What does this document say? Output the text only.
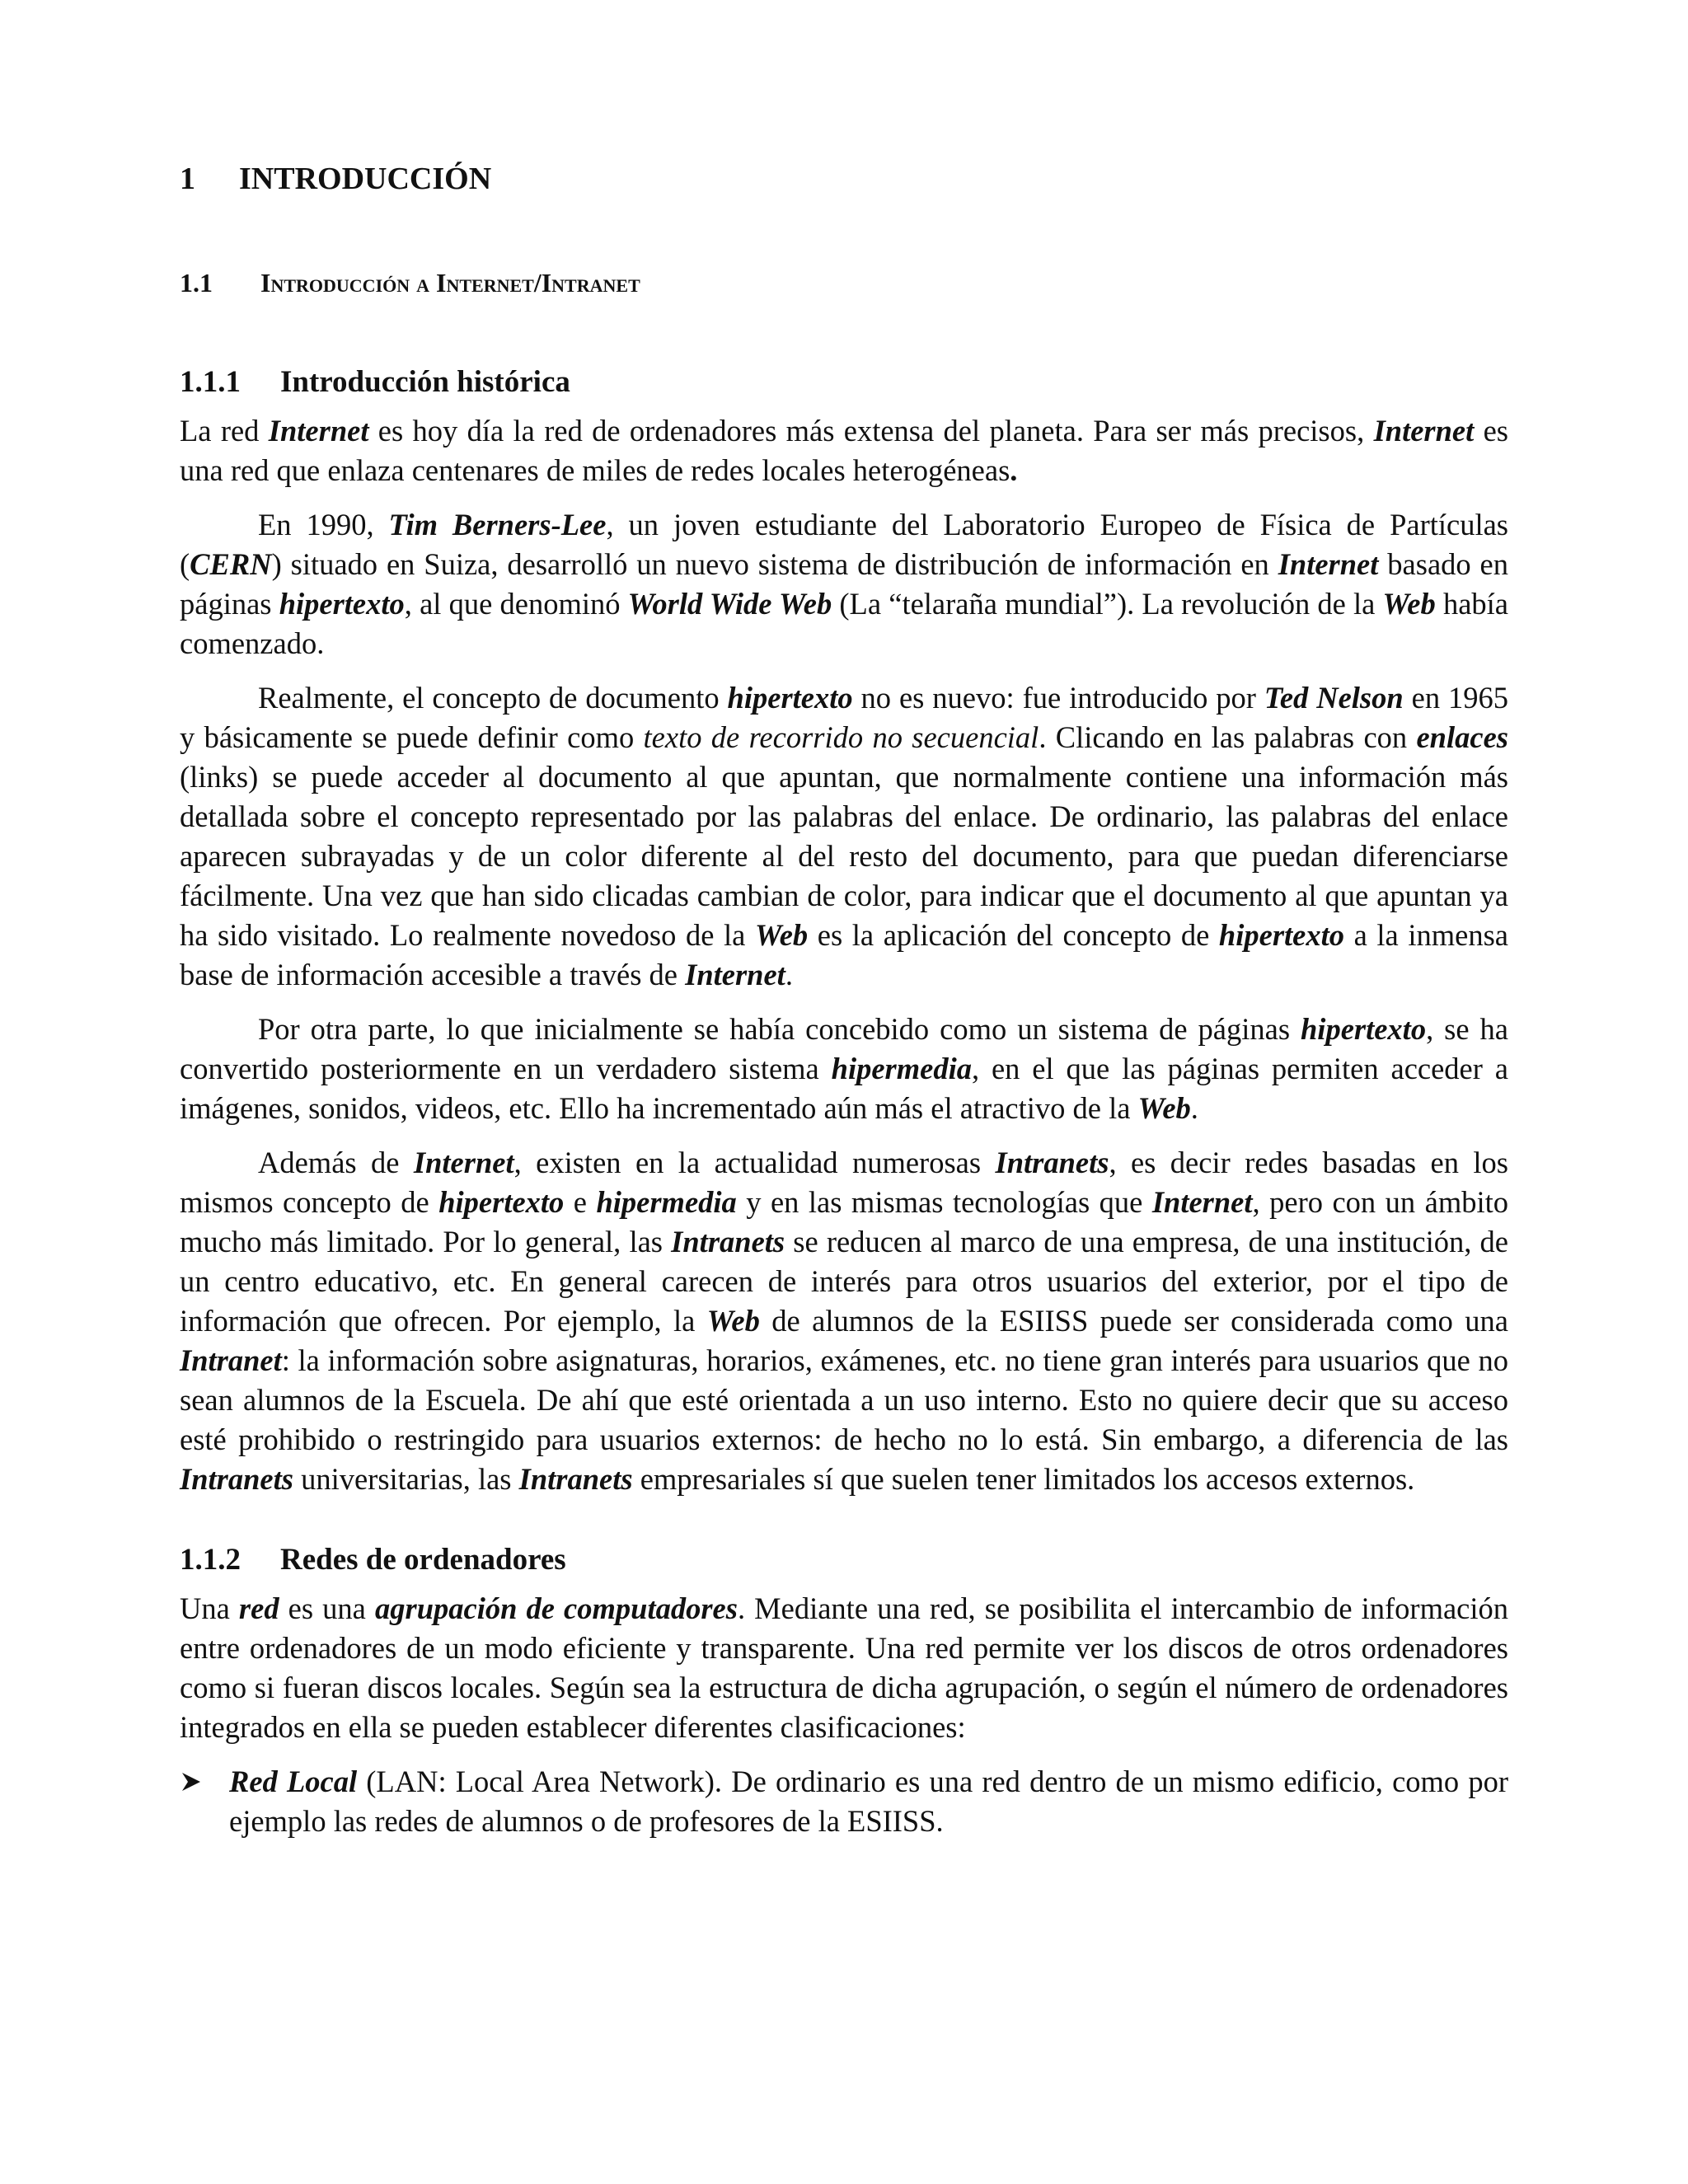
1	INTRODUCCIÓN
1.1	Introducción a Internet/Intranet
1.1.1	Introducción histórica

La red Internet es hoy día la red de ordenadores más extensa del planeta. Para ser más precisos, Internet es una red que enlaza centenares de miles de redes locales heterogéneas.

En 1990, Tim Berners-Lee, un joven estudiante del Laboratorio Europeo de Física de Partículas (CERN) situado en Suiza, desarrolló un nuevo sistema de distribución de información en Internet basado en páginas hipertexto, al que denominó World Wide Web (La “telaraña mundial”). La revolución de la Web había comenzado.

Realmente, el concepto de documento hipertexto no es nuevo: fue introducido por Ted Nelson en 1965 y básicamente se puede definir como texto de recorrido no secuencial. Clicando en las palabras con enlaces (links) se puede acceder al documento al que apuntan, que normalmente contiene una información más detallada sobre el concepto representado por las palabras del enlace. De ordinario, las palabras del enlace aparecen subrayadas y de un color diferente al del resto del documento, para que puedan diferenciarse fácilmente. Una vez que han sido clicadas cambian de color, para indicar que el documento al que apuntan ya ha sido visitado. Lo realmente novedoso de la Web es la aplicación del concepto de hipertexto a la inmensa base de información accesible a través de Internet.

Por otra parte, lo que inicialmente se había concebido como un sistema de páginas hipertexto, se ha convertido posteriormente en un verdadero sistema hipermedia, en el que las páginas permiten acceder a imágenes, sonidos, videos, etc. Ello ha incrementado aún más el atractivo de la Web.

Además de Internet, existen en la actualidad numerosas Intranets, es decir redes basadas en los mismos concepto de hipertexto e hipermedia y en las mismas tecnologías que Internet, pero con un ámbito mucho más limitado. Por lo general, las Intranets se reducen al marco de una empresa, de una institución, de un centro educativo, etc. En general carecen de interés para otros usuarios del exterior, por el tipo de información que ofrecen. Por ejemplo, la Web de alumnos de la ESIISS puede ser considerada como una Intranet: la información sobre asignaturas, horarios, exámenes, etc. no tiene gran interés para usuarios que no sean alumnos de la Escuela. De ahí que esté orientada a un uso interno. Esto no quiere decir que su acceso esté prohibido o restringido para usuarios externos: de hecho no lo está. Sin embargo, a diferencia de las Intranets universitarias, las Intranets empresariales sí que suelen tener limitados los accesos externos.

1.1.2	Redes de ordenadores

Una red es una agrupación de computadores. Mediante una red, se posibilita el intercambio de información entre ordenadores de un modo eficiente y transparente. Una red permite ver los discos de otros ordenadores como si fueran discos locales. Según sea la estructura de dicha agrupación, o según el número de ordenadores integrados en ella se pueden establecer diferentes clasificaciones:

Red Local (LAN: Local Area Network). De ordinario es una red dentro de un mismo edificio, como por ejemplo las redes de alumnos o de profesores de la ESIISS.
